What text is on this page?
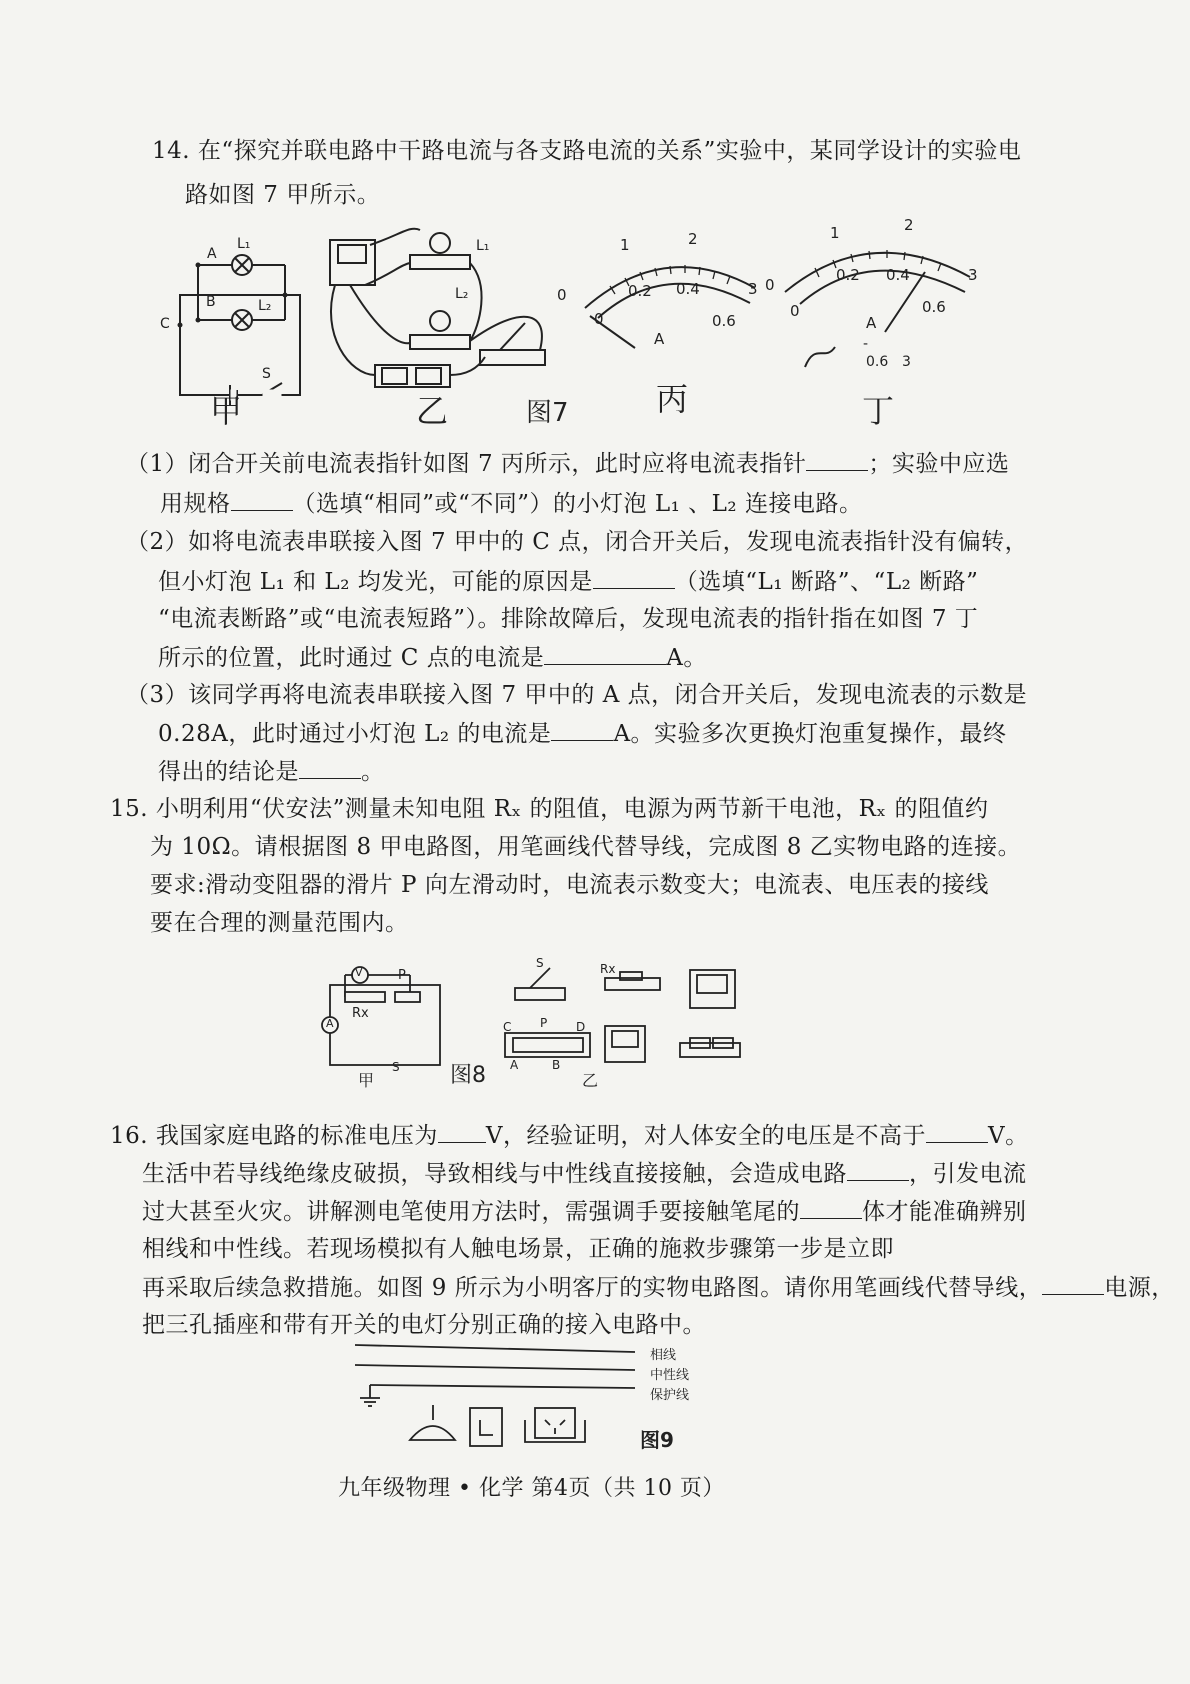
14. 在“探究并联电路中干路电流与各支路电流的关系”实验中，某同学设计的实验电
路如图 7 甲所示。
A
L₁
B	L₂
C
S
甲
L₁
L₂
乙	图7
0
1	2
3
0
0.2 0.4
0.6
A
丙
0
1	2
3
0
0.2 0.4
0.6
A
-
0.6 3
丁
（1）闭合开关前电流表指针如图 7 丙所示，此时应将电流表指针	；实验中应选
用规格	（选填“相同”或“不同”）的小灯泡 L₁ 、L₂ 连接电路。
（2）如将电流表串联接入图 7 甲中的 C 点，闭合开关后，发现电流表指针没有偏转，
但小灯泡 L₁ 和 L₂ 均发光，可能的原因是	（选填“L₁ 断路”、“L₂ 断路”
“电流表断路”或“电流表短路”）。排除故障后，发现电流表的指针指在如图 7 丁
所示的位置，此时通过 C 点的电流是	A。
（3）该同学再将电流表串联接入图 7 甲中的 A 点，闭合开关后，发现电流表的示数是
0.28A，此时通过小灯泡 L₂ 的电流是	A。实验多次更换灯泡重复操作，最终
得出的结论是	。
15. 小明利用“伏安法”测量未知电阻 Rₓ 的阻值，电源为两节新干电池，Rₓ 的阻值约
为 10Ω。请根据图 8 甲电路图，用笔画线代替导线，完成图 8 乙实物电路的连接。
要求:滑动变阻器的滑片 P 向左滑动时，电流表示数变大；电流表、电压表的接线
要在合理的测量范围内。
V
A
P
Rx
S
甲	图8
S	Rx
C P D
A	B
乙
16. 我国家庭电路的标准电压为 V，经验证明，对人体安全的电压是不高于	V。
生活中若导线绝缘皮破损，导致相线与中性线直接接触，会造成电路	，引发电流
过大甚至火灾。讲解测电笔使用方法时，需强调手要接触笔尾的	体才能准确辨别
相线和中性线。若现场模拟有人触电场景，正确的施救步骤第一步是立即
再采取后续急救措施。如图 9 所示为小明客厅的实物电路图。请你用笔画线代替导线，	电源，
把三孔插座和带有开关的电灯分别正确的接入电路中。
相线
中性线
保护线
图9
九年级物理 • 化学 第4页（共 10 页）
